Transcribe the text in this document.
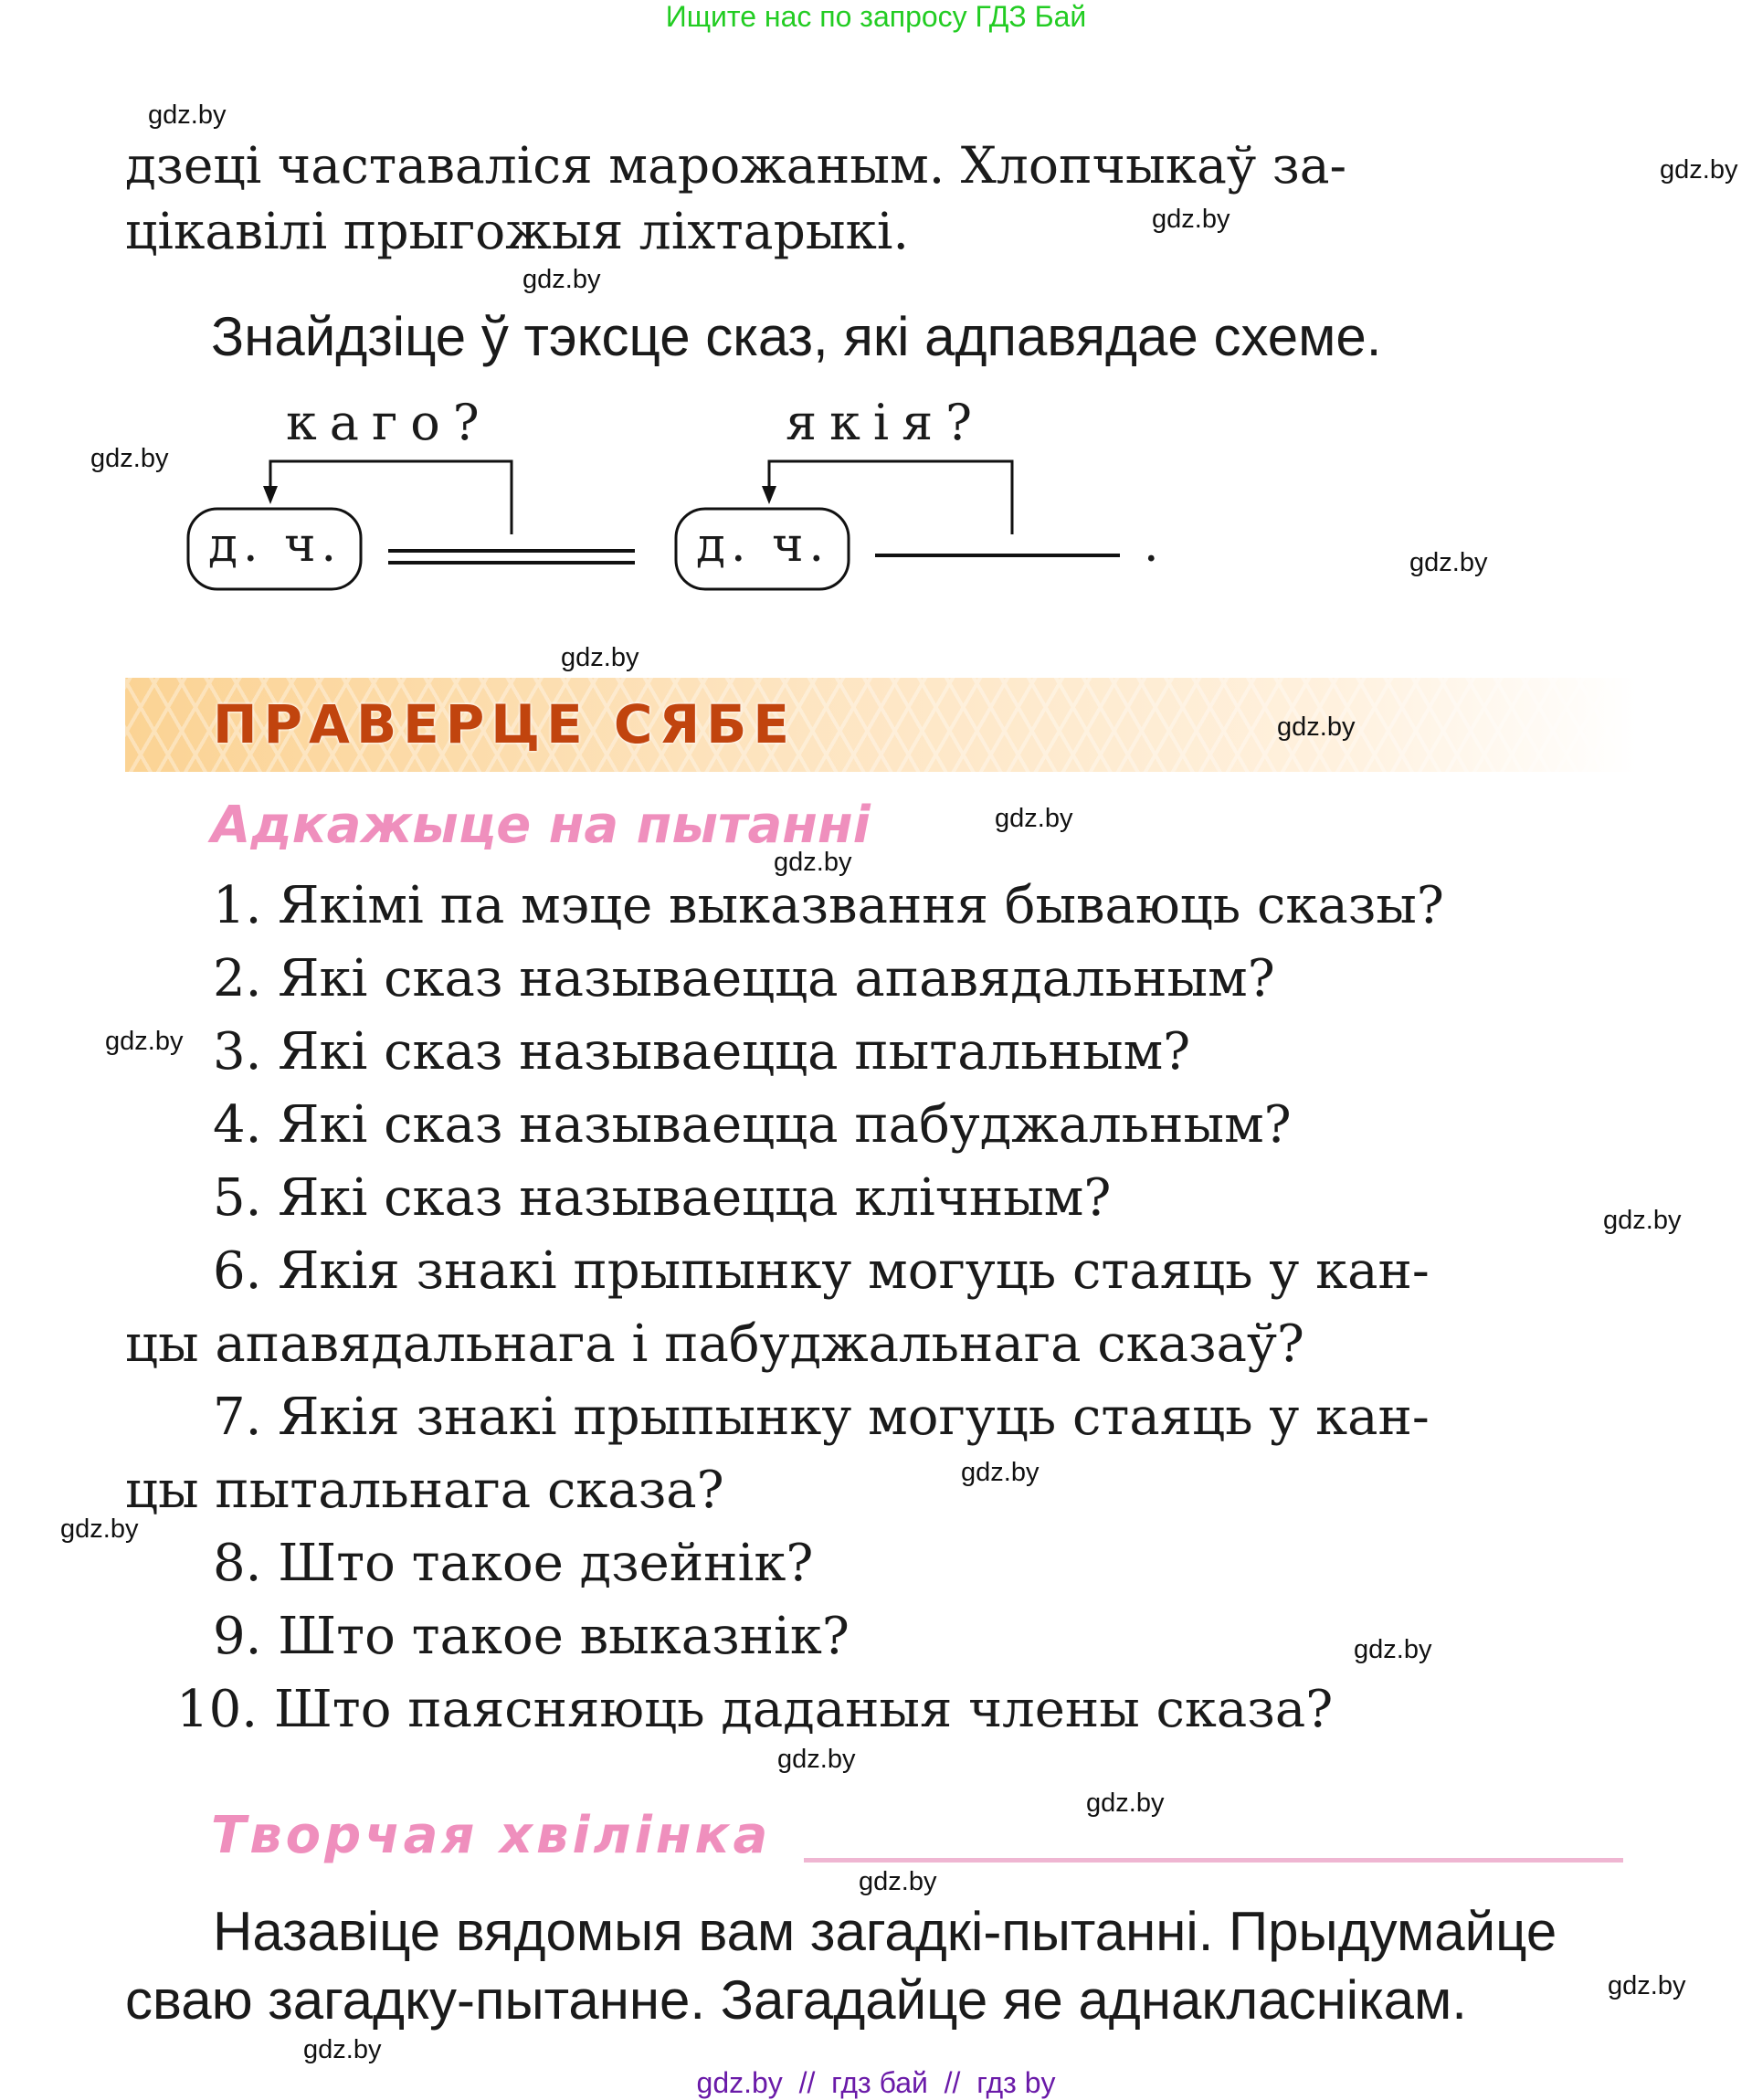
Ищите нас по запросу ГДЗ Бай
дзеці частаваліся марожаным. Хлопчыкаў за-
цікавілі прыгожыя ліхтарыкі.
Знайдзіце ў тэксце сказ, які адпавядае схеме.
каго?	якія?
д. ч.	д. ч.	.
ПРАВЕРЦЕ СЯБЕ
Адкажыце на пытанні
1. Якімі па мэце выказвання бываюць сказы?
2. Які сказ называецца апавядальным?
3. Які сказ называецца пытальным?
4. Які сказ называецца пабуджальным?
5. Які сказ называецца клічным?
6. Якія знакі прыпынку могуць стаяць у кан-
цы апавядальнага і пабуджальнага сказаў?
7. Якія знакі прыпынку могуць стаяць у кан-
цы пытальнага сказа?
8. Што такое дзейнік?
9. Што такое выказнік?
10. Што паясняюць даданыя члены сказа?
Творчая хвілінка
Назавіце вядомыя вам загадкі-пытанні. Прыдумайце
сваю загадку-пытанне. Загадайце яе аднакласнікам.
gdz.by
gdz.by
gdz.by
gdz.by
gdz.by
gdz.by
gdz.by
gdz.by
gdz.by
gdz.by
gdz.by
gdz.by
gdz.by
gdz.by
gdz.by
gdz.by
gdz.by
gdz.by
gdz.by
gdz.by
gdz.by  //  гдз бай  //  гдз by
